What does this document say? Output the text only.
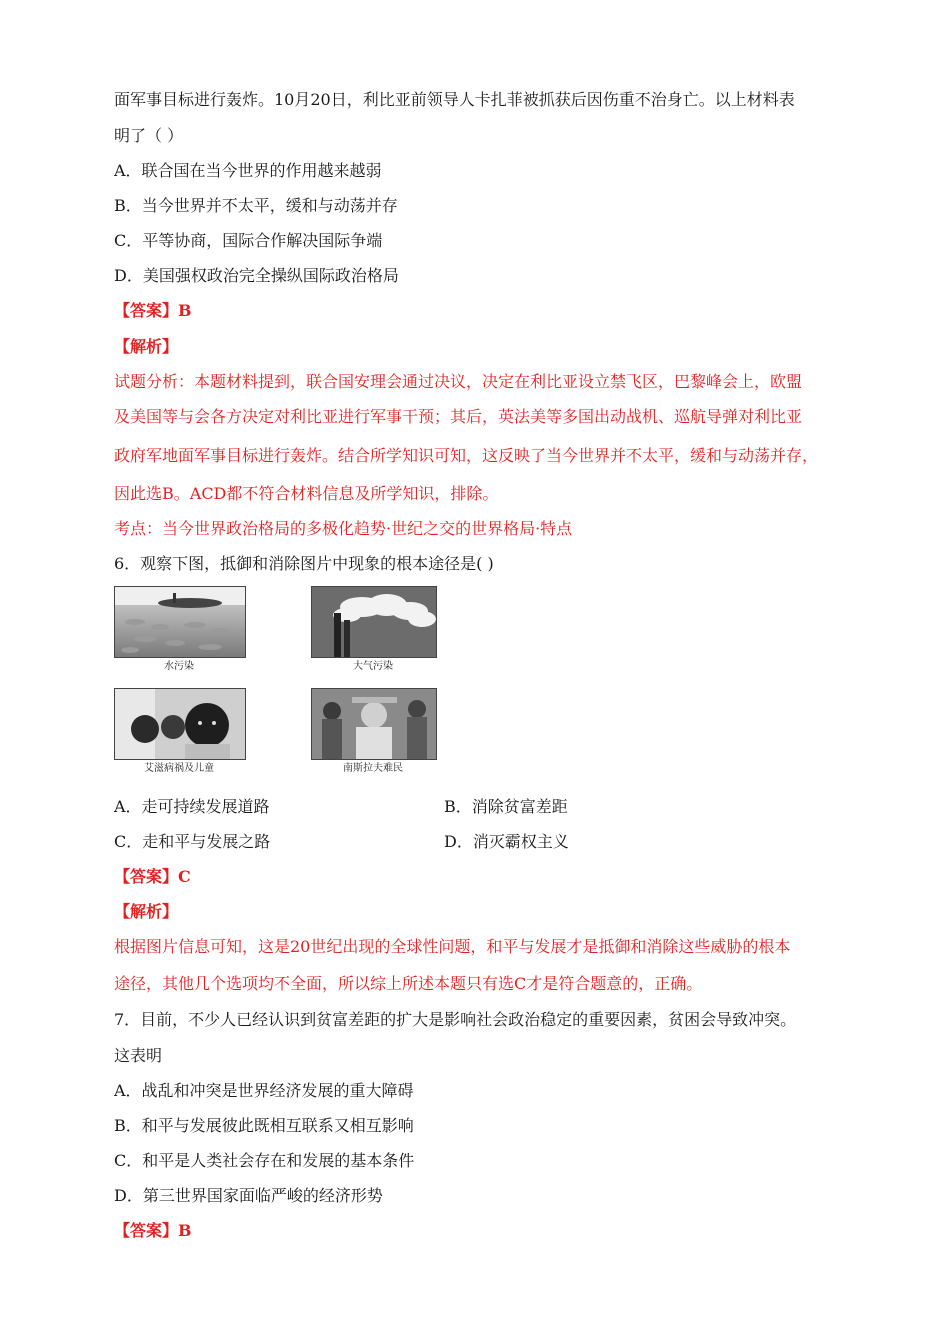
面军事目标进行轰炸。10月20日，利比亚前领导人卡扎菲被抓获后因伤重不治身亡。以上材料表
明了（ ）
A．联合国在当今世界的作用越来越弱
B．当今世界并不太平，缓和与动荡并存
C．平等协商，国际合作解决国际争端
D．美国强权政治完全操纵国际政治格局
【答案】B
【解析】
试题分析：本题材料提到，联合国安理会通过决议，决定在利比亚设立禁飞区，巴黎峰会上，欧盟
及美国等与会各方决定对利比亚进行军事干预；其后，英法美等多国出动战机、巡航导弹对利比亚
政府军地面军事目标进行轰炸。结合所学知识可知，这反映了当今世界并不太平，缓和与动荡并存，
因此选B。ACD都不符合材料信息及所学知识，排除。
考点：当今世界政治格局的多极化趋势·世纪之交的世界格局·特点
6．观察下图，抵御和消除图片中现象的根本途径是( )
水污染	大气污染
艾滋病祸及儿童	南斯拉夫难民
A．走可持续发展道路	B．消除贫富差距
C．走和平与发展之路	D．消灭霸权主义
【答案】C
【解析】
根据图片信息可知，这是20世纪出现的全球性问题，和平与发展才是抵御和消除这些威胁的根本
途径，其他几个选项均不全面，所以综上所述本题只有选C才是符合题意的，正确。
7．目前，不少人已经认识到贫富差距的扩大是影响社会政治稳定的重要因素，贫困会导致冲突。
这表明
A．战乱和冲突是世界经济发展的重大障碍
B．和平与发展彼此既相互联系又相互影响
C．和平是人类社会存在和发展的基本条件
D．第三世界国家面临严峻的经济形势
【答案】B
